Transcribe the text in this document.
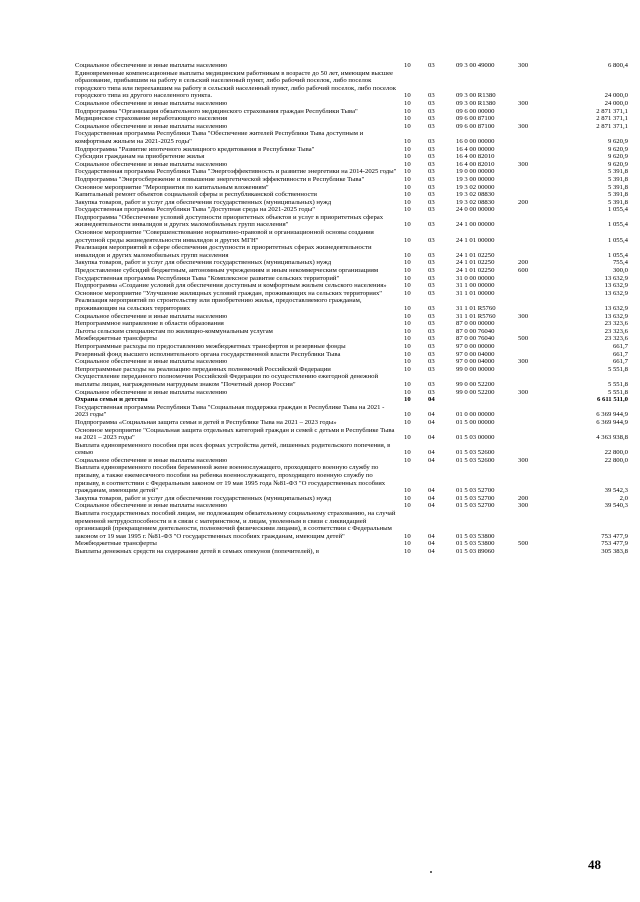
Социальное обеспечение и иные выплаты населению	10	03	09 3 00 49000	300	6 800,4
Единовременные компенсационные выплаты медицинским работникам в возрасте до 50 лет, имеющим высшее образование, прибывшим на работу в сельский населенный пункт, либо рабочий поселок, либо поселок городского типа или переехавшим на работу в сельский населенный пункт, либо рабочий поселок, либо поселок городского типа из другого населенного пункта.	10	03	09 3 00 R1380	24 000,0
Социальное обеспечение и иные выплаты населению	10	03	09 3 00 R1380	300	24 000,0
Подпрограмма "Организация обязательного медицинского страхования граждан Республики Тыва"	10	03	09 6 00 00000	2 871 371,1
Медицинское страхование неработающего населения	10	03	09 6 00 87100	2 871 371,1
Социальное обеспечение и иные выплаты населению	10	03	09 6 00 87100	300	2 871 371,1
Государственная программа Республики Тыва "Обеспечение жителей Республики Тыва доступным и комфортным жильем на 2021-2025 годы"	10	03	16 0 00 00000	9 620,9
Подпрограмма "Развитие ипотечного жилищного кредитования в Республике Тыва"	10	03	16 4 00 00000	9 620,9
Субсидии гражданам на приобретение жилья	10	03	16 4 00 82010	9 620,9
Социальное обеспечение и иные выплаты населению	10	03	16 4 00 82010	300	9 620,9
Государственная программа Республики Тыва "Энергоэффективность и развитие энергетики на 2014-2025 годы"	10	03	19 0 00 00000	5 391,8
Подпрограмма "Энергосбережение и повышение энергетической эффективности в Республике Тыва"	10	03	19 3 00 00000	5 391,8
Основное мероприятие "Мероприятия по капитальным вложениям"	10	03	19 3 02 00000	5 391,8
Капитальный ремонт объектов социальной сферы и республиканской собственности	10	03	19 3 02 08830	5 391,8
Закупка товаров, работ и услуг для обеспечения государственных (муниципальных) нужд	10	03	19 3 02 08830	200	5 391,8
Государственная программа Республики Тыва "Доступная среда на 2021-2025 годы"	10	03	24 0 00 00000	1 055,4
Подпрограмма "Обеспечение условий доступности приоритетных объектов и услуг в приоритетных сферах жизнедеятельности инвалидов и других маломобильных групп населения"	10	03	24 1 00 00000	1 055,4
Основное мероприятие "Совершенствование нормативно-правовой и организационной основы создания доступной среды жизнедеятельности инвалидов и других МГН"	10	03	24 1 01 00000	1 055,4
Реализация мероприятий в сфере обеспечения доступности в приоритетных сферах жизнедеятельности инвалидов и других маломобильных групп населения	10	03	24 1 01 02250	1 055,4
Закупка товаров, работ и услуг для обеспечения государственных (муниципальных) нужд	10	03	24 1 01 02250	200	755,4
Предоставление субсидий бюджетным, автономным учреждениям и иным некоммерческим организациям	10	03	24 1 01 02250	600	300,0
Государственная программа Республики Тыва "Комплексное развитие сельских территорий"	10	03	31 0 00 00000	13 632,9
Подпрограмма «Создание условий для обеспечения доступным и комфортным жильем сельского населения»	10	03	31 1 00 00000	13 632,9
Основное мероприятие "Улучшение жилищных условий граждан, проживающих на сельских территориях"	10	03	31 1 01 00000	13 632,9
Реализация мероприятий по строительству или приобретению жилья, предоставляемого гражданам, проживающим на сельских территориях	10	03	31 1 01 R5760	13 632,9
Социальное обеспечение и иные выплаты населению	10	03	31 1 01 R5760	300	13 632,9
Непрограммное направление в области образования	10	03	87 0 00 00000	23 323,6
Льготы сельским специалистам по жилищно-коммунальным услугам	10	03	87 0 00 76040	23 323,6
Межбюджетные трансферты	10	03	87 0 00 76040	500	23 323,6
Непрограммные расходы по предоставлению межбюджетных трансфертов и резервные фонды	10	03	97 0 00 00000	661,7
Резервный фонд высшего исполнительного органа государственной власти Республики Тыва	10	03	97 0 00 04000	661,7
Социальное обеспечение и иные выплаты населению	10	03	97 0 00 04000	300	661,7
Непрограммные расходы на реализацию переданных полномочий Российской Федерации	10	03	99 0 00 00000	5 551,8
Осуществление переданного полномочия Российской Федерации по осуществлению ежегодной денежной выплаты лицам, награжденным нагрудным знаком "Почетный донор России"	10	03	99 0 00 52200	5 551,8
Социальное обеспечение и иные выплаты населению	10	03	99 0 00 52200	300	5 551,8
Охрана семьи и детства	10	04	6 611 511,0
Государственная программа Республики Тыва "Социальная поддержка граждан в Республике Тыва на 2021 - 2023 годы"	10	04	01 0 00 00000	6 369 944,9
Подпрограмма «Социальная защита семьи и детей в Республике Тыва на 2021 – 2023 годы»	10	04	01 5 00 00000	6 369 944,9
Основное мероприятие "Социальная защита отдельных категорий граждан и семей с детьми в Республике Тыва на 2021 – 2023 годы"	10	04	01 5 03 00000	4 363 938,8
Выплата единовременного пособия при всех формах устройства детей, лишенных родительского попечения, в семью	10	04	01 5 03 52600	22 800,0
Социальное обеспечение и иные выплаты населению	10	04	01 5 03 52600	300	22 800,0
Выплата единовременного пособия беременной жене военнослужащего, проходящего военную службу по призыву, а также ежемесячного пособия на ребенка военнослужащего, проходящего военную службу по призыву, в соответствии с Федеральным законом от 19 мая 1995 года №81-ФЗ "О государственных пособиях гражданам, имеющим детей"	10	04	01 5 03 52700	39 542,3
Закупка товаров, работ и услуг для обеспечения государственных (муниципальных) нужд	10	04	01 5 03 52700	200	2,0
Социальное обеспечение и иные выплаты населению	10	04	01 5 03 52700	300	39 540,3
Выплата государственных пособий лицам, не подлежащим обязательному социальному страхованию, на случай временной нетрудоспособности и в связи с материнством, и лицам, уволенным в связи с ликвидацией организаций (прекращением деятельности, полномочий физическими лицами), в соответствии с Федеральным законом от 19 мая 1995 г. №81-ФЗ "О государственных пособиях гражданам, имеющим детей"	10	04	01 5 03 53800	753 477,9
Межбюджетные трансферты	10	04	01 5 03 53800	500	753 477,9
Выплаты денежных средств на содержание детей в семьях опекунов (попечителей), в	10	04	01 5 03 89060	305 383,8
48
